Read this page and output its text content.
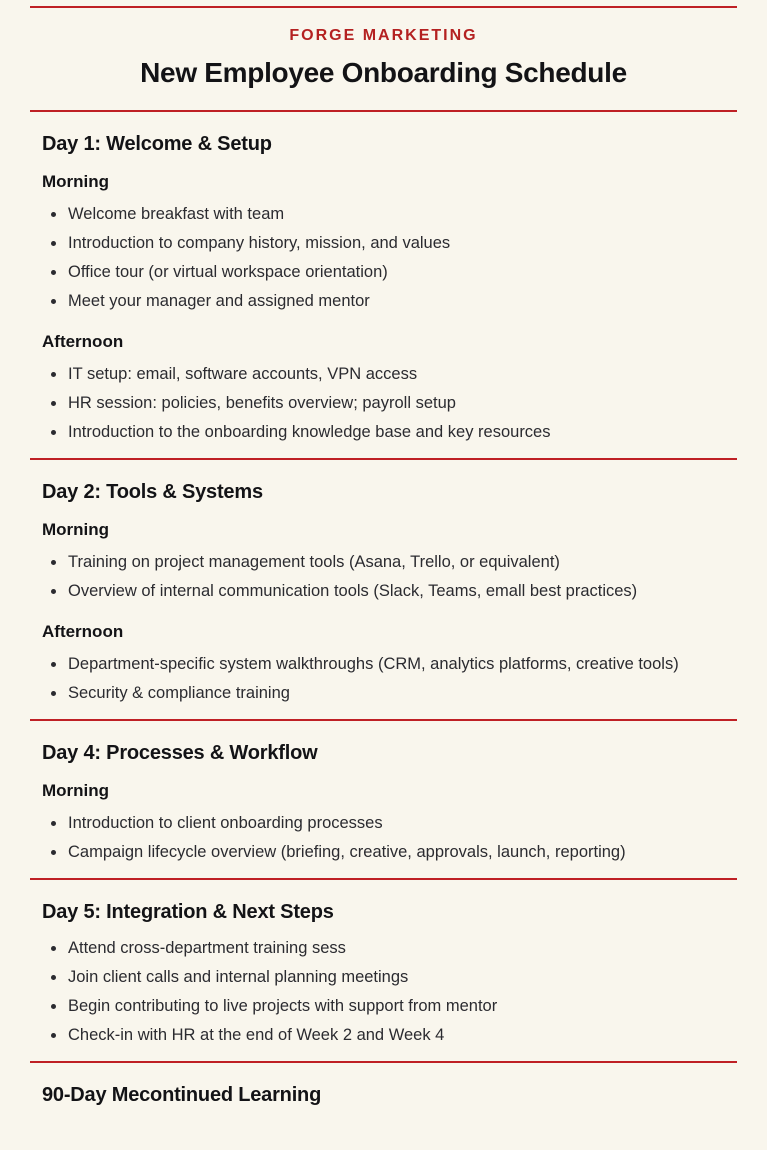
FORGE MARKETING
New Employee Onboarding Schedule
Day 1: Welcome & Setup
Morning
Welcome breakfast with team
Introduction to company history, mission, and values
Office tour (or virtual workspace orientation)
Meet your manager and assigned mentor
Afternoon
IT setup: email, software accounts, VPN access
HR session: policies, benefits overview; payroll setup
Introduction to the onboarding knowledge base and key resources
Day 2: Tools & Systems
Morning
Training on project management tools (Asana, Trello, or equivalent)
Overview of internal communication tools (Slack, Teams, emall best practices)
Afternoon
Department-specific system walkthroughs (CRM, analytics platforms, creative tools)
Security & compliance training
Day 4: Processes & Workflow
Morning
Introduction to client onboarding processes
Campaign lifecycle overview (briefing, creative, approvals, launch, reporting)
Day 5: Integration & Next Steps
Attend cross-department training sess
Join client calls and internal planning meetings
Begin contributing to live projects with support from mentor
Check-in with HR at the end of Week 2 and Week 4
90-Day Mecontinued Learning
